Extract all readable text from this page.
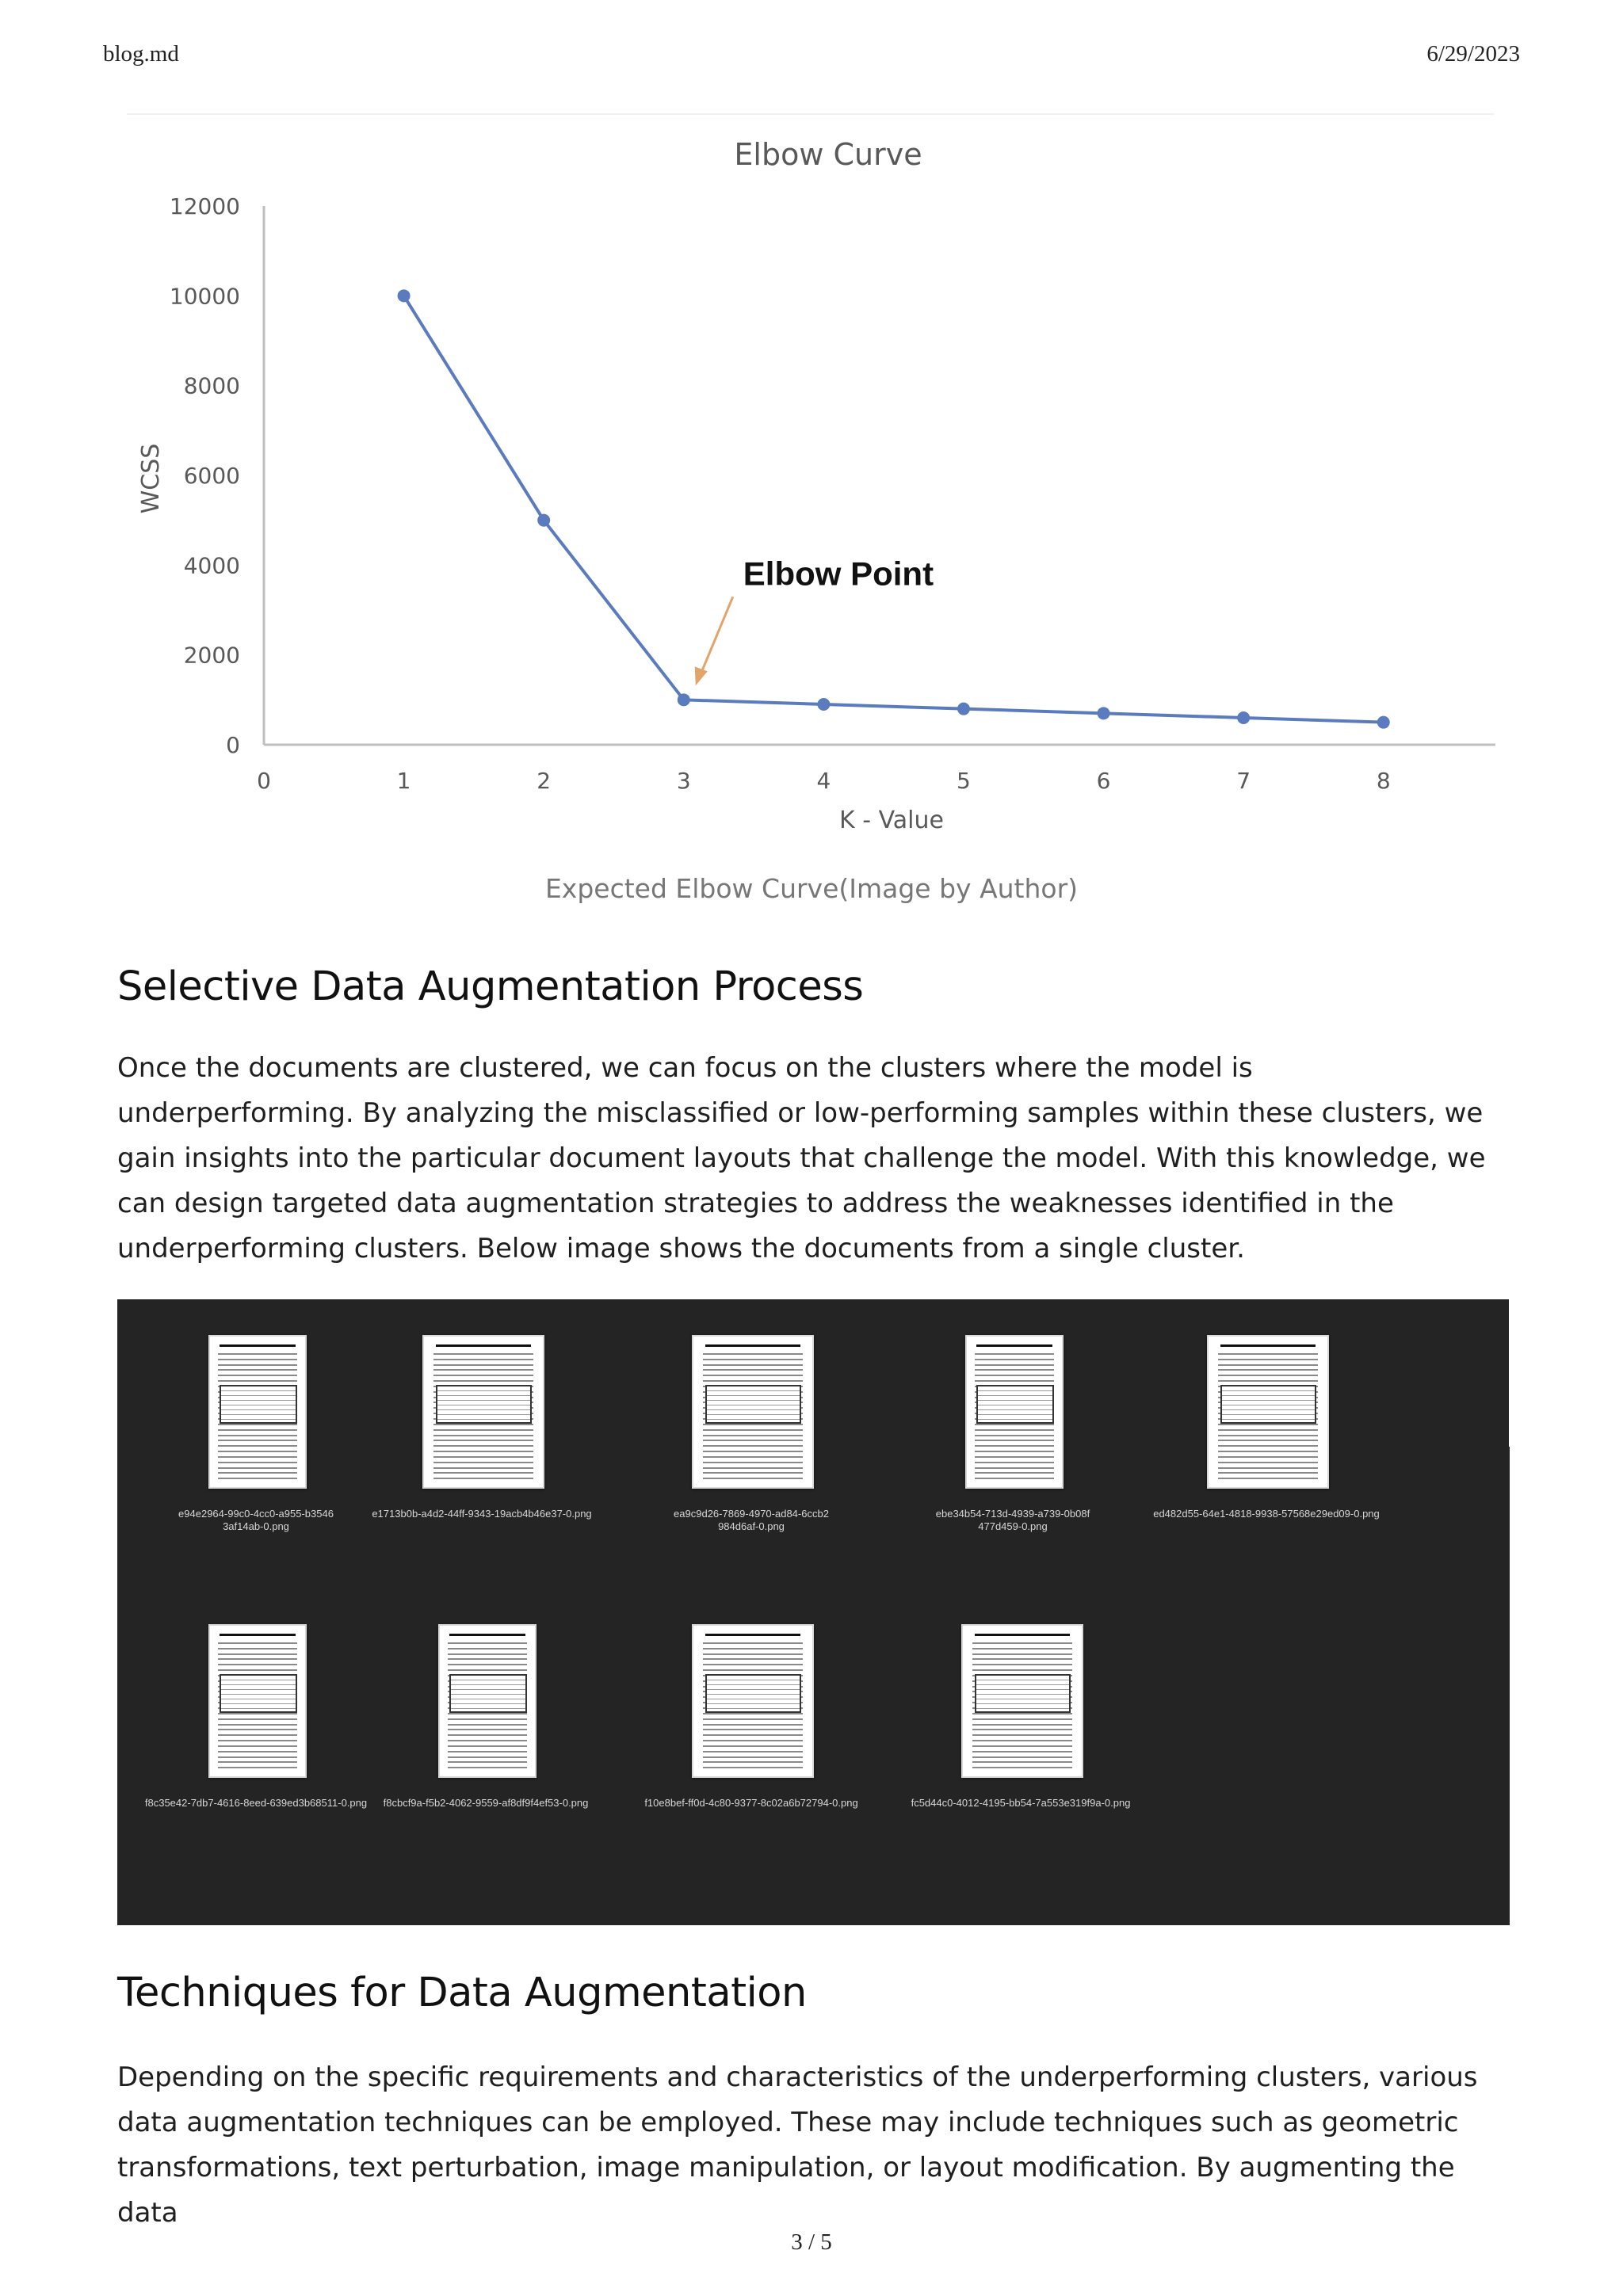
blog.md	6/29/2023
Elbow Curve
0
2000
4000
6000
8000
10000
12000
0	1	2	3	4	5	6	7	8
WCSS
K - Value
Elbow Point
Expected Elbow Curve(Image by Author)
Selective Data Augmentation Process

Once the documents are clustered, we can focus on the clusters where the model is underperforming. By analyzing the misclassified or low-performing samples within these clusters, we gain insights into the particular document layouts that challenge the model. With this knowledge, we can design targeted data augmentation strategies to address the weaknesses identified in the underperforming clusters. Below image shows the documents from a single cluster.

e94e2964-99c0-4cc0-a955-b35463af14ab-0.png
e1713b0b-a4d2-44ff-9343-19acb4b46e37-0.png	ea9c9d26-7869-4970-ad84-6ccb2984d6af-0.png
ebe34b54-713d-4939-a739-0b08f477d459-0.png
ed482d55-64e1-4818-9938-57568e29ed09-0.png
f8c35e42-7db7-4616-8eed-639ed3b68511-0.png	f8cbcf9a-f5b2-4062-9559-af8df9f4ef53-0.png	f10e8bef-ff0d-4c80-9377-8c02a6b72794-0.png	fc5d44c0-4012-4195-bb54-7a553e319f9a-0.png
Techniques for Data Augmentation

Depending on the specific requirements and characteristics of the underperforming clusters, various data augmentation techniques can be employed. These may include techniques such as geometric transformations, text perturbation, image manipulation, or layout modification. By augmenting the data

3 / 5
